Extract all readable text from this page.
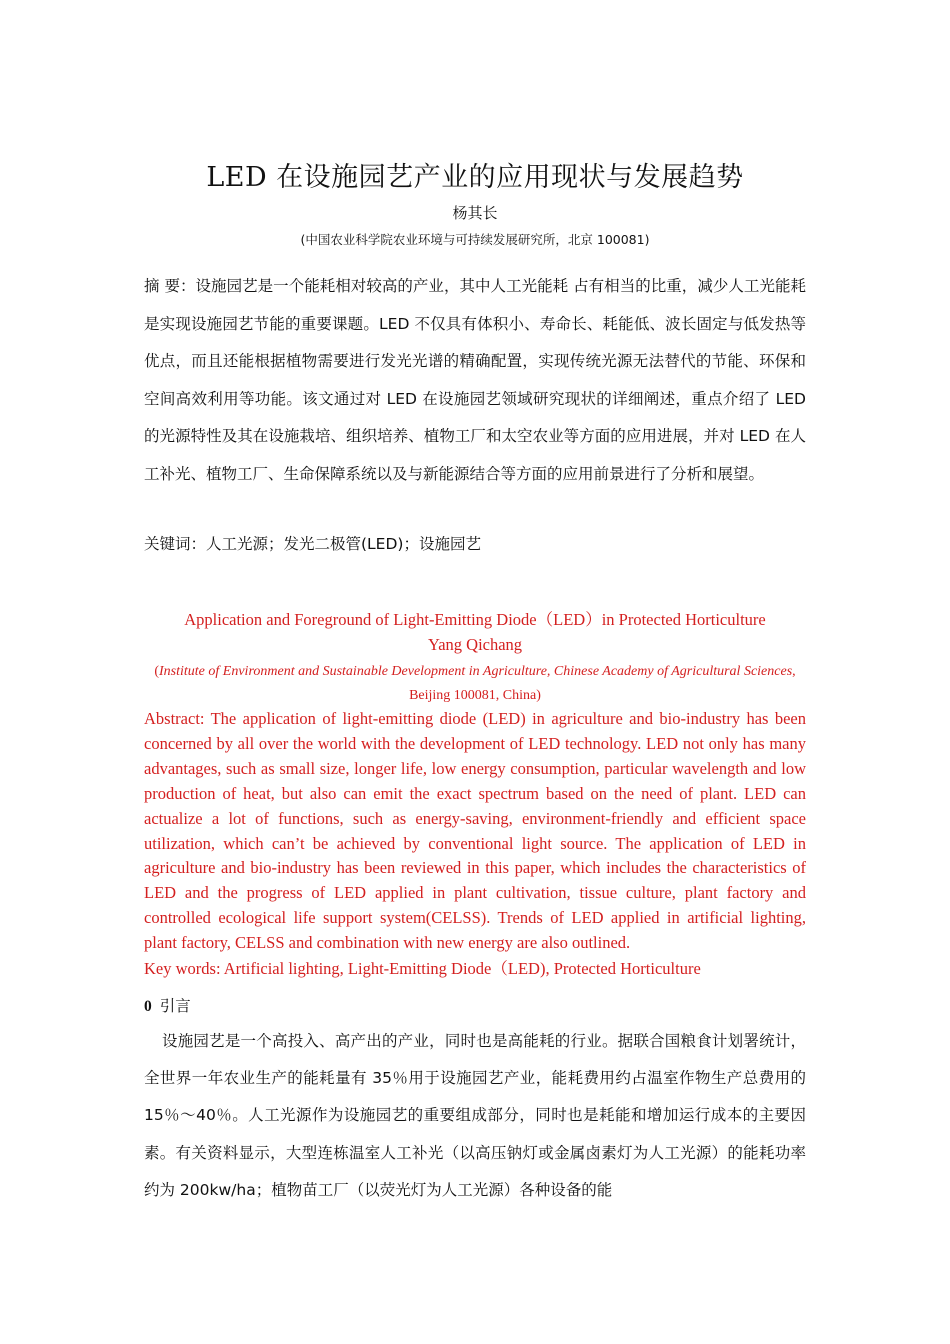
LED 在设施园艺产业的应用现状与发展趋势
杨其长
(中国农业科学院农业环境与可持续发展研究所，北京 100081)
摘 要：设施园艺是一个能耗相对较高的产业，其中人工光能耗 占有相当的比重，减少人工光能耗是实现设施园艺节能的重要课题。LED 不仅具有体积小、寿命长、耗能低、波长固定与低发热等优点，而且还能根据植物需要进行发光光谱的精确配置，实现传统光源无法替代的节能、环保和空间高效利用等功能。该文通过对 LED 在设施园艺领域研究现状的详细阐述，重点介绍了 LED 的光源特性及其在设施栽培、组织培养、植物工厂和太空农业等方面的应用进展，并对 LED 在人工补光、植物工厂、生命保障系统以及与新能源结合等方面的应用前景进行了分析和展望。
关键词：人工光源；发光二极管(LED)；设施园艺
Application and Foreground of Light-Emitting Diode（LED）in Protected Horticulture
Yang Qichang
(Institute of Environment and Sustainable Development in Agriculture, Chinese Academy of Agricultural Sciences, Beijing 100081, China)
Abstract: The application of light-emitting diode (LED) in agriculture and bio-industry has been concerned by all over the world with the development of LED technology. LED not only has many advantages, such as small size, longer life, low energy consumption, particular wavelength and low production of heat, but also can emit the exact spectrum based on the need of plant. LED can actualize a lot of functions, such as energy-saving, environment-friendly and efficient space utilization, which can’t be achieved by conventional light source. The application of LED in agriculture and bio-industry has been reviewed in this paper, which includes the characteristics of LED and the progress of LED applied in plant cultivation, tissue culture, plant factory and controlled ecological life support system(CELSS). Trends of LED applied in artificial lighting, plant factory, CELSS and combination with new energy are also outlined.
Key words: Artificial lighting, Light-Emitting Diode（LED), Protected Horticulture
0 引言
设施园艺是一个高投入、高产出的产业，同时也是高能耗的行业。据联合国粮食计划署统计，全世界一年农业生产的能耗量有 35％用于设施园艺产业，能耗费用约占温室作物生产总费用的 15％～40％。人工光源作为设施园艺的重要组成部分，同时也是耗能和增加运行成本的主要因素。有关资料显示，大型连栋温室人工补光（以高压钠灯或金属卤素灯为人工光源）的能耗功率约为 200kw/ha；植物苗工厂（以荧光灯为人工光源）各种设备的能
